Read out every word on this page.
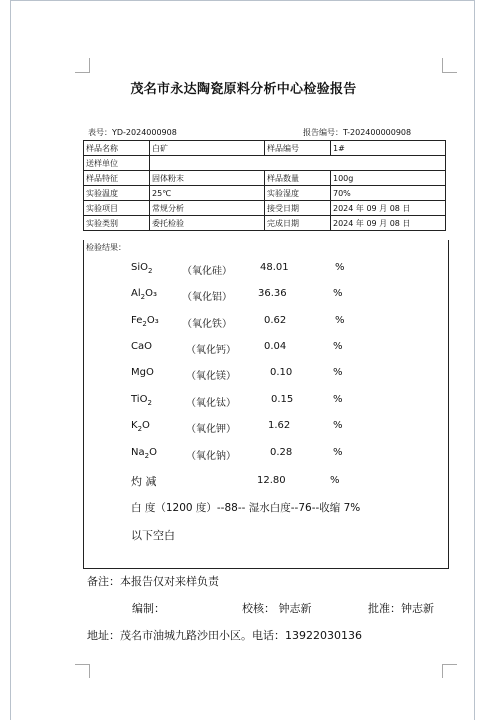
茂名市永达陶瓷原料分析中心检验报告
表号：YD-2024000908	报告编号：T-202400000908
样品名称	白矿	样品编号	1#
送样单位			
样品特征	固体粉末	样品数量	100g
实验温度	25℃	实验湿度	70%
实验项目	常规分析	接受日期	2024 年 09 月 08 日
实验类别	委托检验	完成日期	2024 年 09 月 08 日
检验结果：
SiO$_2$	（氧化硅）	48.01	%
$Al_2O_3$	（氧化铝）	36.36	%
$Fe_2O_3$ （氧化铁）	0.62	%
CaO	（氧化钙）	0.04	%
MgO	（氧化镁）	0.10	%
TiO$_2$	（氧化钛）	0.15	%
$K_2O$	（氧化钾）	1.62	%
$Na_2O$	（氧化钠）	0.28	%
灼 减	12.80	%
白 度（1200 度）--88-- 湿水白度--76--收缩 7%
以下空白
备注：本报告仅对来样负责
编制：	校核： 钟志新	批准：钟志新
地址：茂名市油城九路沙田小区。电话：13922030136
